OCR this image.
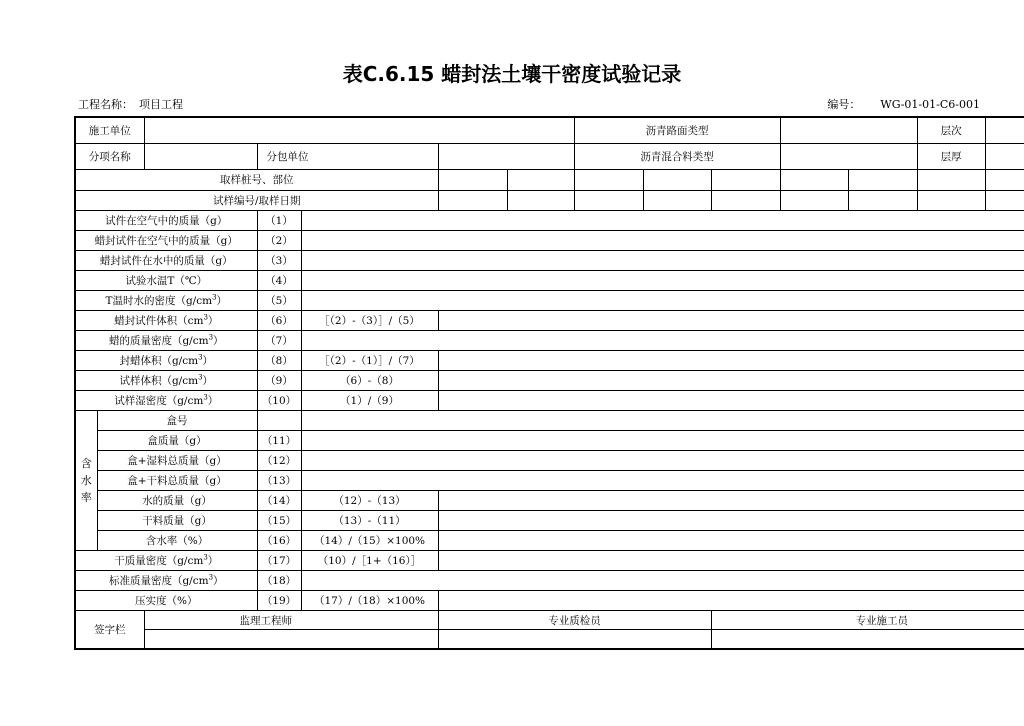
表C.6.15 蜡封法土壤干密度试验记录
工程名称： 项目工程	编号： WG-01-01-C6-001
施工单位							沥青路面类型					层次	
分项名称			分包单位				沥青混合料类型					层厚	
取样桩号、部位													
试样编号/取样日期													
试件在空气中的质量（g）			（1）										
蜡封试件在空气中的质量（g）			（2）										
蜡封试件在水中的质量（g）			（3）										
试验水温T（℃）			（4）										
T温时水的密度$(g/cm^3)$			（5）										
蜡封试件体积$(cm^3)$			（6）	［（2）-（3）］/（5）									
蜡的质量密度$(g/cm^3)$			（7）										
封蜡体积$(g/cm^3)$			（8）	［（2）-（1）］/（7）									
试样体积$(g/cm^3)$			（9）	（6）-（8）									
试样湿密度$(g/cm^3)$			（10）	（1）/（9）									

含
水
率	盒号												
	盒质量（g）		（11）										
	盒+湿料总质量（g）		（12）										
	盒+干料总质量（g）		（13）										
	水的质量（g）		（14）	（12）-（13）									
	干料质量（g）		（15）	（13）-（11）									
	含水率（%）		（16）	（14）/（15）×100%									
干质量密度$(g/cm^3)$			（17）	（10）/［1+（16）］									
标准质量密度$(g/cm^3)$			（18）										
压实度（%）			（19）	（17）/（18）×100%									
签字栏		监理工程师			专业质检员				专业施工员				
